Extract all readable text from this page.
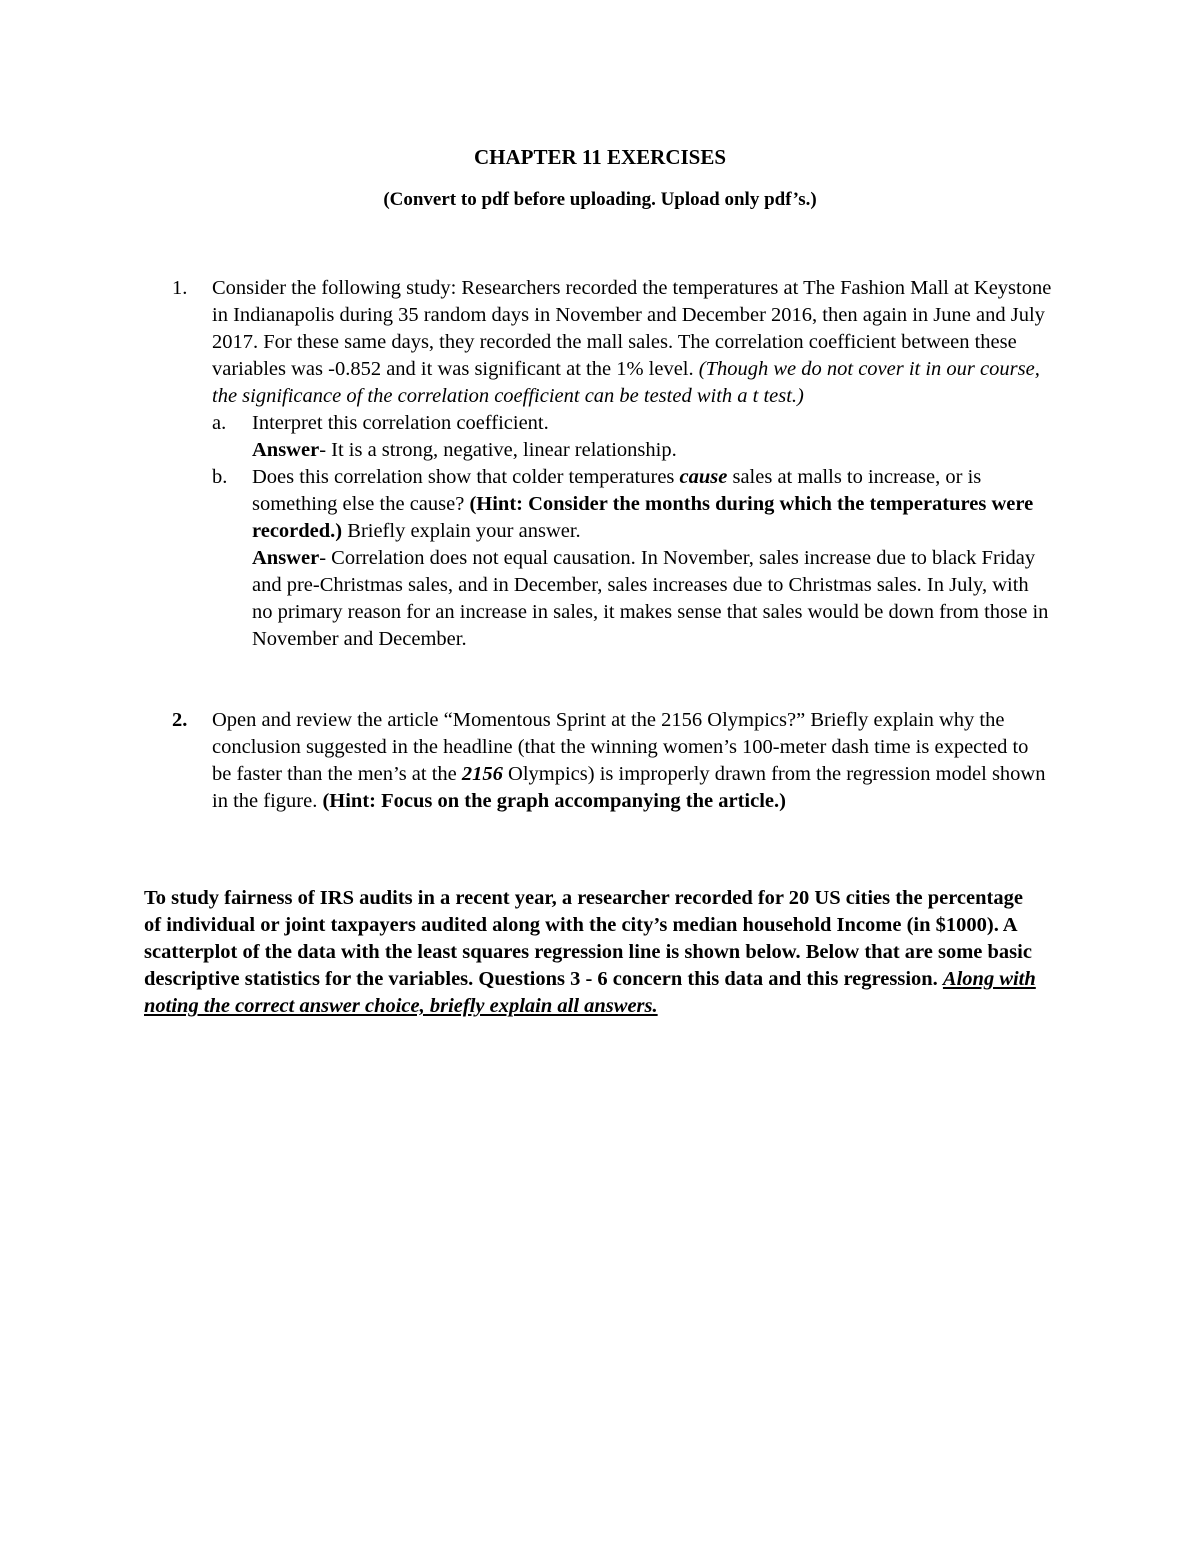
CHAPTER 11 EXERCISES
(Convert to pdf before uploading. Upload only pdf’s.)
1.	Consider the following study: Researchers recorded the temperatures at The Fashion Mall at Keystone in Indianapolis during 35 random days in November and December 2016, then again in June and July 2017. For these same days, they recorded the mall sales. The correlation coefficient between these variables was -0.852 and it was significant at the 1% level. (Though we do not cover it in our course, the significance of the correlation coefficient can be tested with a t test.)
a. Interpret this correlation coefficient.
Answer- It is a strong, negative, linear relationship.
b. Does this correlation show that colder temperatures cause sales at malls to increase, or is something else the cause? (Hint: Consider the months during which the temperatures were recorded.) Briefly explain your answer.
Answer- Correlation does not equal causation. In November, sales increase due to black Friday and pre-Christmas sales, and in December, sales increases due to Christmas sales. In July, with no primary reason for an increase in sales, it makes sense that sales would be down from those in November and December.
2.	Open and review the article “Momentous Sprint at the 2156 Olympics?” Briefly explain why the conclusion suggested in the headline (that the winning women’s 100-meter dash time is expected to be faster than the men’s at the 2156 Olympics) is improperly drawn from the regression model shown in the figure. (Hint: Focus on the graph accompanying the article.)
To study fairness of IRS audits in a recent year, a researcher recorded for 20 US cities the percentage of individual or joint taxpayers audited along with the city’s median household Income (in $1000). A scatterplot of the data with the least squares regression line is shown below. Below that are some basic descriptive statistics for the variables. Questions 3 - 6 concern this data and this regression. Along with noting the correct answer choice, briefly explain all answers.
